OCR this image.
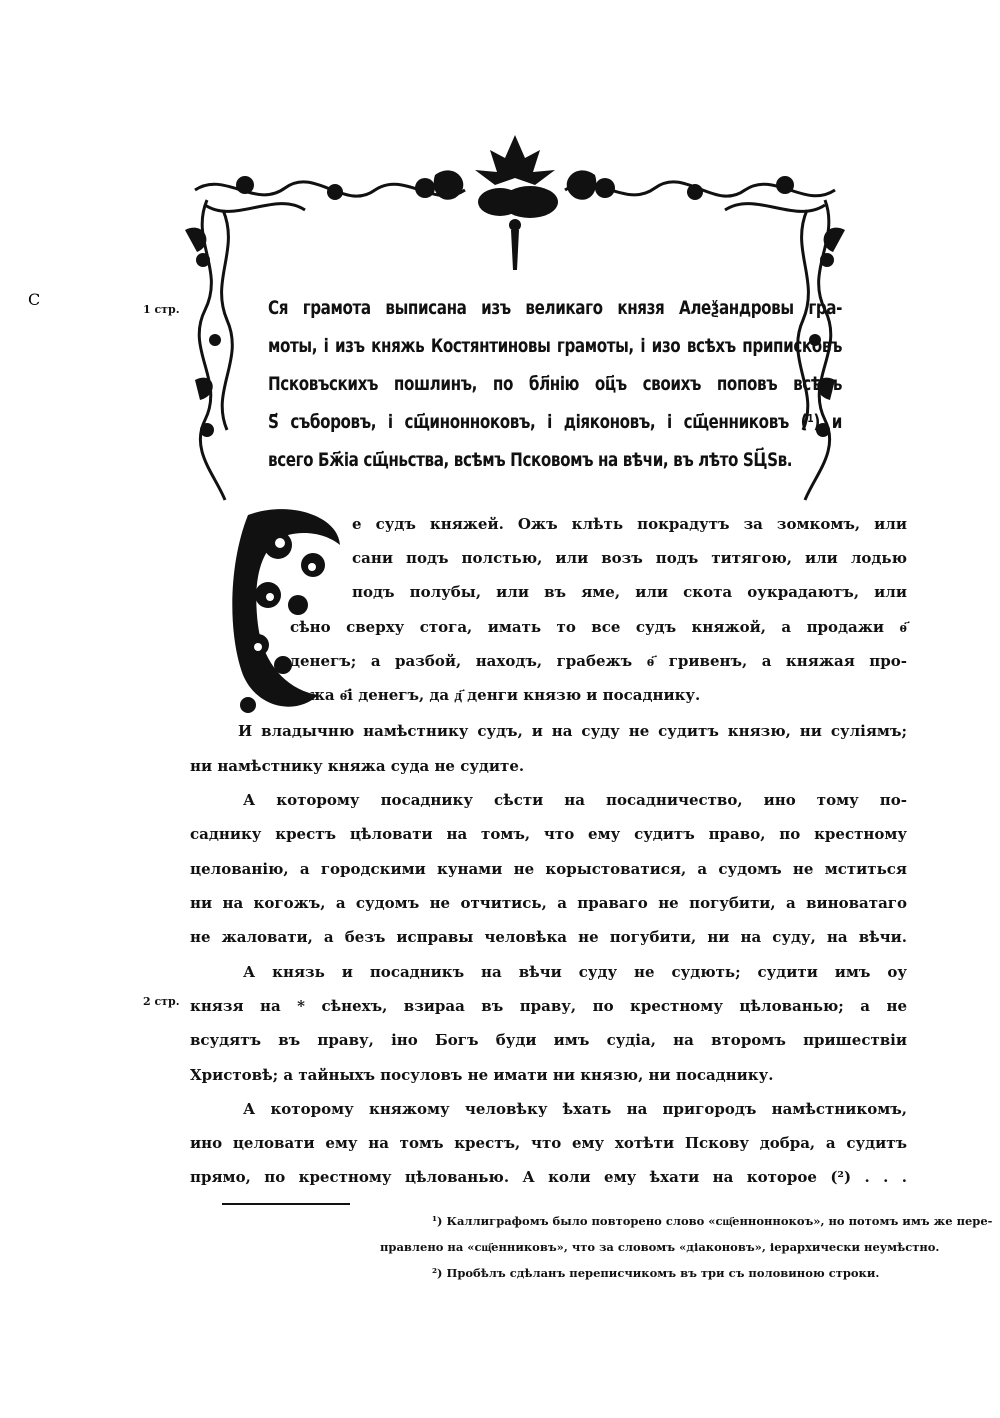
1 стр.
2 стр.
Ся грамота выписана изъ великаго князя Алеѯандровы гра-
моты, і изъ княжь Костянтиновы грамоты, і изо всѣхъ приписковъ
Псковъскихъ пошлинъ, по бл҃нію оц҃ъ своихъ поповъ всѣхъ
Ѕ҃ съборовъ, і сщ҃инонноковъ, і діяконовъ, і сщ҃енниковъ (¹) и
всего Бж҃іа сщ҃ньства, всѣмъ Псковомъ на вѣчи, въ лѣто ЅЦ҃Ѕв.
С
е судъ княжей. Ожъ клѣть покрадутъ за зомкомъ, или
сани подъ полстью, или возъ подъ титягою, или лодью
подъ полубы, или въ яме, или скота оукрадаютъ, или
сѣно сверху стога, имать то все судъ княжой, а продажи ѳ҃
денегъ; а разбой, находъ, грабежъ ѳ҃ гривенъ, а княжая про-
дажа ѳ҃і денегъ, да д҃ денги князю и посаднику.
И владычню намѣстнику судъ, и на суду не судитъ князю, ни суліямъ;
ни намѣстнику княжа суда не судите.
А которому посаднику сѣсти на посадничество, ино тому по-
саднику крестъ цѣловати на томъ, что ему судитъ право, по крестному
целованію, а городскими кунами не корыстоватися, а судомъ не мститься
ни на когожъ, а судомъ не отчитись, а праваго не погубити, а виноватаго
не жаловати, а безъ исправы человѣка не погубити, ни на суду, на вѣчи.
А князь и посадникъ на вѣчи суду не судють; судити имъ оу
князя на * сѣнехъ, взираа въ праву, по крестному цѣлованью; а не
всудятъ въ праву, іно Богъ буди имъ судіа, на второмъ пришествіи
Христовѣ; а тайныхъ посуловъ не имати ни князю, ни посаднику.
А которому княжому человѣку ѣхать на пригородъ намѣстникомъ,
ино целовати ему на томъ крестъ, что ему хотѣти Пскову добра, а судитъ
прямо, по крестному цѣлованью. А коли ему ѣхати на которое (²) . . .
¹) Каллиграфомъ было повторено слово «сщ҃енноннокоъ», но потомъ имъ же пере-
правлено на «сщ҃енниковъ», что за словомъ «діаконовъ», іерархически неумѣстно.
²) Пробѣлъ сдѣланъ переписчикомъ въ три съ половиною строки.
